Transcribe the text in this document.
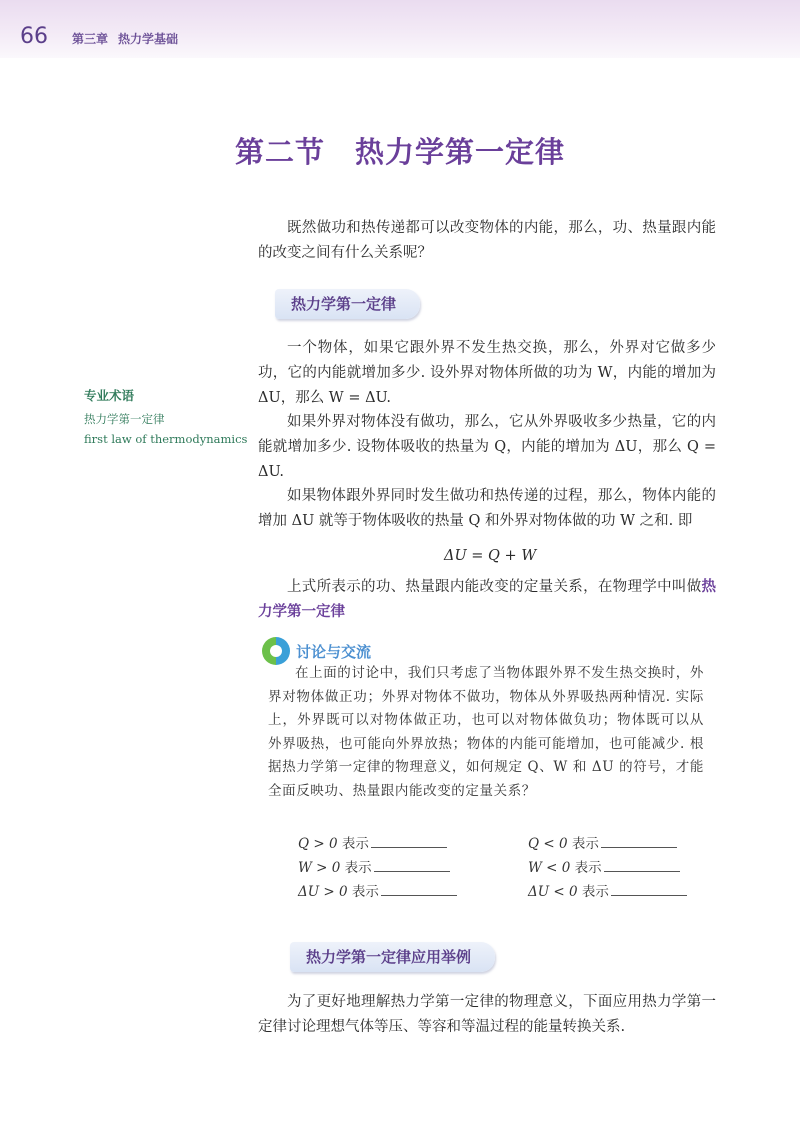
66 第三章 热力学基础
第二节 热力学第一定律

既然做功和热传递都可以改变物体的内能，那么，功、热量跟内能的改变之间有什么关系呢？

热力学第一定律
专业术语
热力学第一定律
first law of thermodynamics

一个物体，如果它跟外界不发生热交换，那么，外界对它做多少功，它的内能就增加多少. 设外界对物体所做的功为 W，内能的增加为 ΔU，那么 W = ΔU.

如果外界对物体没有做功，那么，它从外界吸收多少热量，它的内能就增加多少. 设物体吸收的热量为 Q，内能的增加为 ΔU，那么 Q = ΔU.

如果物体跟外界同时发生做功和热传递的过程，那么，物体内能的增加 ΔU 就等于物体吸收的热量 Q 和外界对物体做的功 W 之和. 即

ΔU = Q + W

上式所表示的功、热量跟内能改变的定量关系，在物理学中叫做热力学第一定律

讨论与交流

在上面的讨论中，我们只考虑了当物体跟外界不发生热交换时，外界对物体做正功；外界对物体不做功，物体从外界吸热两种情况. 实际上，外界既可以对物体做正功，也可以对物体做负功；物体既可以从外界吸热，也可能向外界放热；物体的内能可能增加，也可能减少. 根据热力学第一定律的物理意义，如何规定 Q、W 和 ΔU 的符号，才能全面反映功、热量跟内能改变的定量关系？

Q > 0 表示	Q < 0 表示
W > 0 表示	W < 0 表示
ΔU > 0 表示	ΔU < 0 表示
热力学第一定律应用举例

为了更好地理解热力学第一定律的物理意义，下面应用热力学第一定律讨论理想气体等压、等容和等温过程的能量转换关系.
